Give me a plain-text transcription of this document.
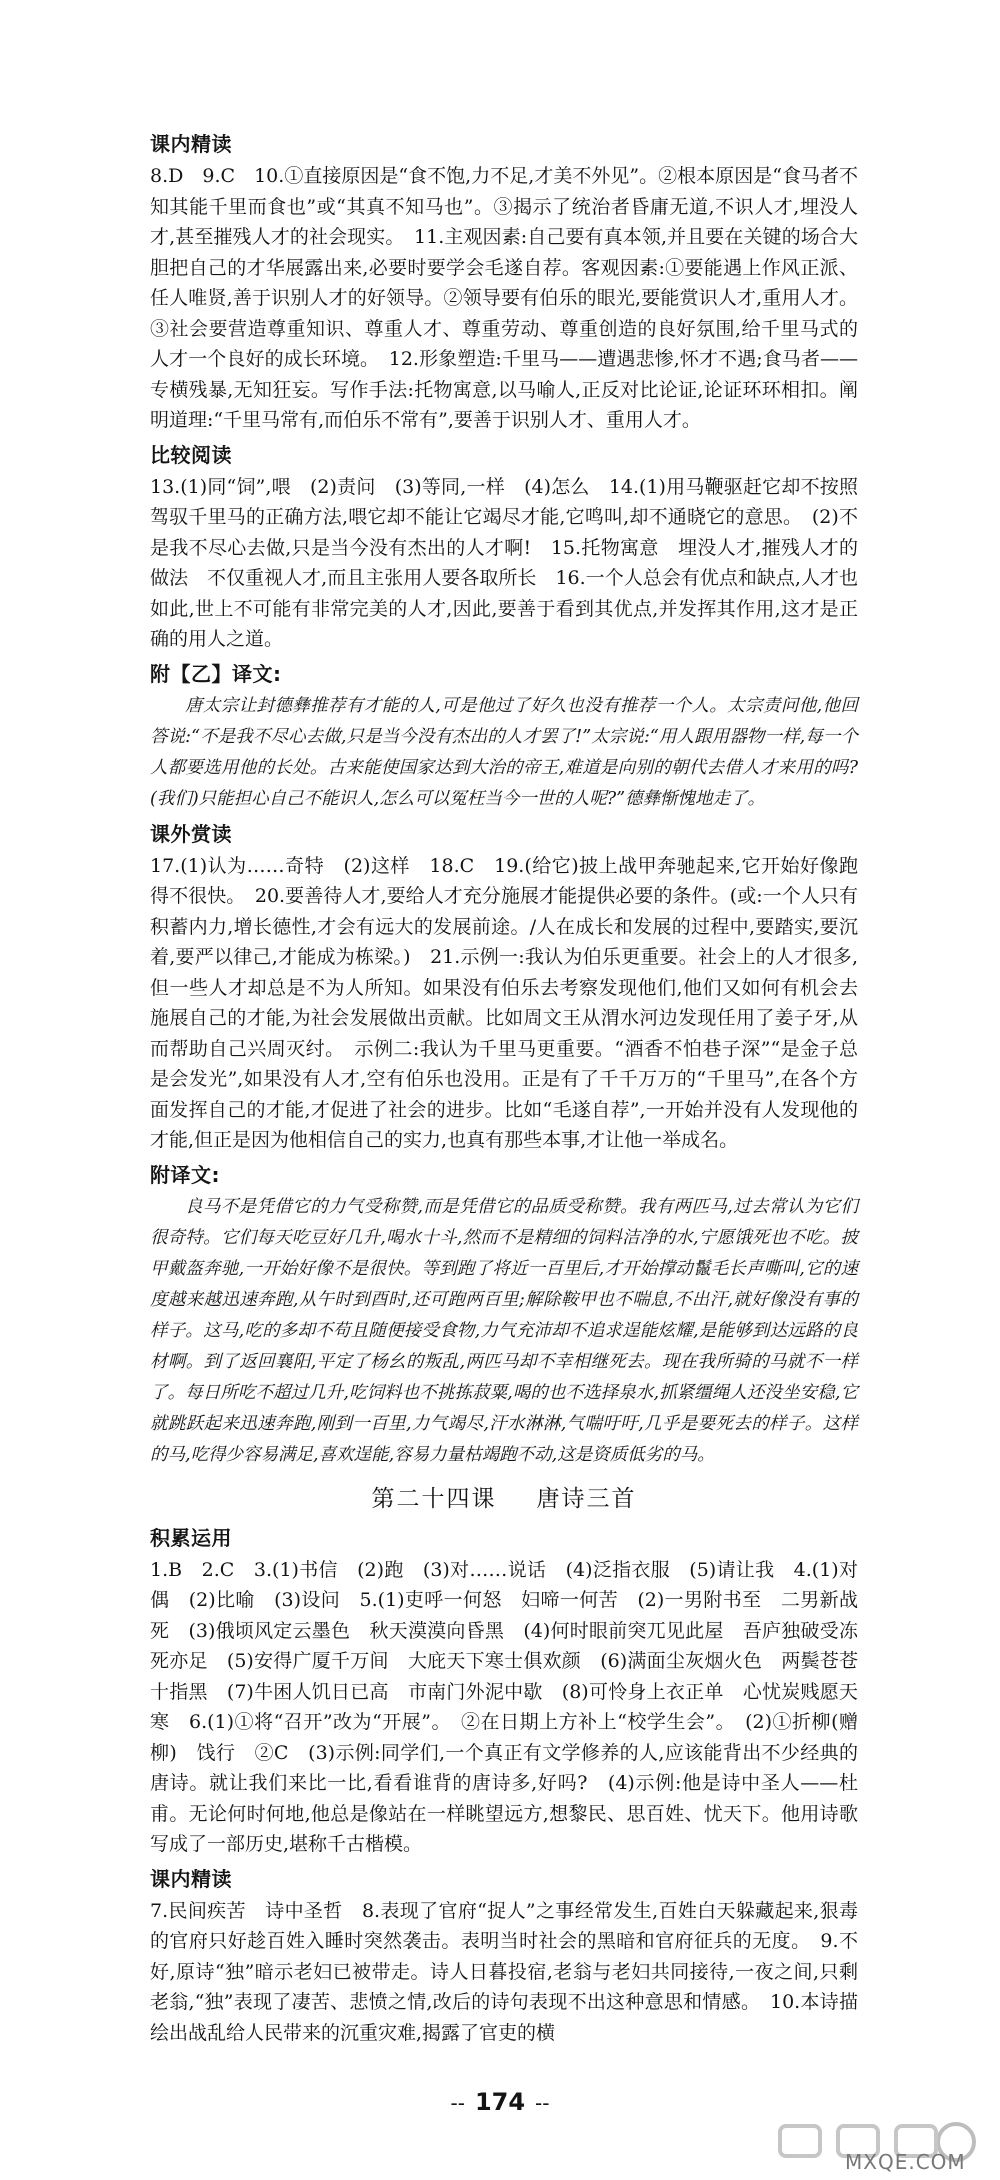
课内精读

8.D　9.C　10.①直接原因是“食不饱,力不足,才美不外见”。②根本原因是“食马者不知其能千里而食也”或“其真不知马也”。③揭示了统治者昏庸无道,不识人才,埋没人才,甚至摧残人才的社会现实。　11.主观因素:自己要有真本领,并且要在关键的场合大胆把自己的才华展露出来,必要时要学会毛遂自荐。客观因素:①要能遇上作风正派、任人唯贤,善于识别人才的好领导。②领导要有伯乐的眼光,要能赏识人才,重用人才。③社会要营造尊重知识、尊重人才、尊重劳动、尊重创造的良好氛围,给千里马式的人才一个良好的成长环境。　12.形象塑造:千里马——遭遇悲惨,怀才不遇;食马者——专横残暴,无知狂妄。写作手法:托物寓意,以马喻人,正反对比论证,论证环环相扣。阐明道理:“千里马常有,而伯乐不常有”,要善于识别人才、重用人才。

比较阅读

13.(1)同“饲”,喂　(2)责问　(3)等同,一样　(4)怎么　14.(1)用马鞭驱赶它却不按照驾驭千里马的正确方法,喂它却不能让它竭尽才能,它鸣叫,却不通晓它的意思。　(2)不是我不尽心去做,只是当今没有杰出的人才啊!　15.托物寓意　埋没人才,摧残人才的做法　不仅重视人才,而且主张用人要各取所长　16.一个人总会有优点和缺点,人才也如此,世上不可能有非常完美的人才,因此,要善于看到其优点,并发挥其作用,这才是正确的用人之道。

附【乙】译文:

唐太宗让封德彝推荐有才能的人,可是他过了好久也没有推荐一个人。太宗责问他,他回答说:“不是我不尽心去做,只是当今没有杰出的人才罢了!”太宗说:“用人跟用器物一样,每一个人都要选用他的长处。古来能使国家达到大治的帝王,难道是向别的朝代去借人才来用的吗?(我们)只能担心自己不能识人,怎么可以冤枉当今一世的人呢?”德彝惭愧地走了。

课外赏读

17.(1)认为……奇特　(2)这样　18.C　19.(给它)披上战甲奔驰起来,它开始好像跑得不很快。　20.要善待人才,要给人才充分施展才能提供必要的条件。(或:一个人只有积蓄内力,增长德性,才会有远大的发展前途。/人在成长和发展的过程中,要踏实,要沉着,要严以律己,才能成为栋梁。)　21.示例一:我认为伯乐更重要。社会上的人才很多,但一些人才却总是不为人所知。如果没有伯乐去考察发现他们,他们又如何有机会去施展自己的才能,为社会发展做出贡献。比如周文王从渭水河边发现任用了姜子牙,从而帮助自己兴周灭纣。　示例二:我认为千里马更重要。“酒香不怕巷子深”“是金子总是会发光”,如果没有人才,空有伯乐也没用。正是有了千千万万的“千里马”,在各个方面发挥自己的才能,才促进了社会的进步。比如“毛遂自荐”,一开始并没有人发现他的才能,但正是因为他相信自己的实力,也真有那些本事,才让他一举成名。

附译文:

良马不是凭借它的力气受称赞,而是凭借它的品质受称赞。我有两匹马,过去常认为它们很奇特。它们每天吃豆好几升,喝水十斗,然而不是精细的饲料洁净的水,宁愿饿死也不吃。披甲戴盔奔驰,一开始好像不是很快。等到跑了将近一百里后,才开始撑动鬣毛长声嘶叫,它的速度越来越迅速奔跑,从午时到酉时,还可跑两百里;解除鞍甲也不喘息,不出汗,就好像没有事的样子。这马,吃的多却不苟且随便接受食物,力气充沛却不追求逞能炫耀,是能够到达远路的良材啊。到了返回襄阳,平定了杨幺的叛乱,两匹马却不幸相继死去。现在我所骑的马就不一样了。每日所吃不超过几升,吃饲料也不挑拣菽粟,喝的也不选择泉水,抓紧缰绳人还没坐安稳,它就跳跃起来迅速奔跑,刚到一百里,力气竭尽,汗水淋淋,气喘吁吁,几乎是要死去的样子。这样的马,吃得少容易满足,喜欢逞能,容易力量枯竭跑不动,这是资质低劣的马。

第二十四课 唐诗三首
积累运用

1.B　2.C　3.(1)书信　(2)跑　(3)对……说话　(4)泛指衣服　(5)请让我　4.(1)对偶　(2)比喻　(3)设问　5.(1)吏呼一何怒　妇啼一何苦　(2)一男附书至　二男新战死　(3)俄顷风定云墨色　秋天漠漠向昏黑　(4)何时眼前突兀见此屋　吾庐独破受冻死亦足　(5)安得广厦千万间　大庇天下寒士俱欢颜　(6)满面尘灰烟火色　两鬓苍苍十指黑　(7)牛困人饥日已高　市南门外泥中歇　(8)可怜身上衣正单　心忧炭贱愿天寒　6.(1)①将“召开”改为“开展”。　②在日期上方补上“校学生会”。　(2)①折柳(赠柳)　饯行　②C　(3)示例:同学们,一个真正有文学修养的人,应该能背出不少经典的唐诗。就让我们来比一比,看看谁背的唐诗多,好吗?　(4)示例:他是诗中圣人——杜甫。无论何时何地,他总是像站在一样眺望远方,想黎民、思百姓、忧天下。他用诗歌写成了一部历史,堪称千古楷模。

课内精读

7.民间疾苦　诗中圣哲　8.表现了官府“捉人”之事经常发生,百姓白天躲藏起来,狠毒的官府只好趁百姓入睡时突然袭击。表明当时社会的黑暗和官府征兵的无度。　9.不好,原诗“独”暗示老妇已被带走。诗人日暮投宿,老翁与老妇共同接待,一夜之间,只剩老翁,“独”表现了凄苦、悲愤之情,改后的诗句表现不出这种意思和情感。　10.本诗描绘出战乱给人民带来的沉重灾难,揭露了官吏的横

-- 174 --
MXQE.COM
